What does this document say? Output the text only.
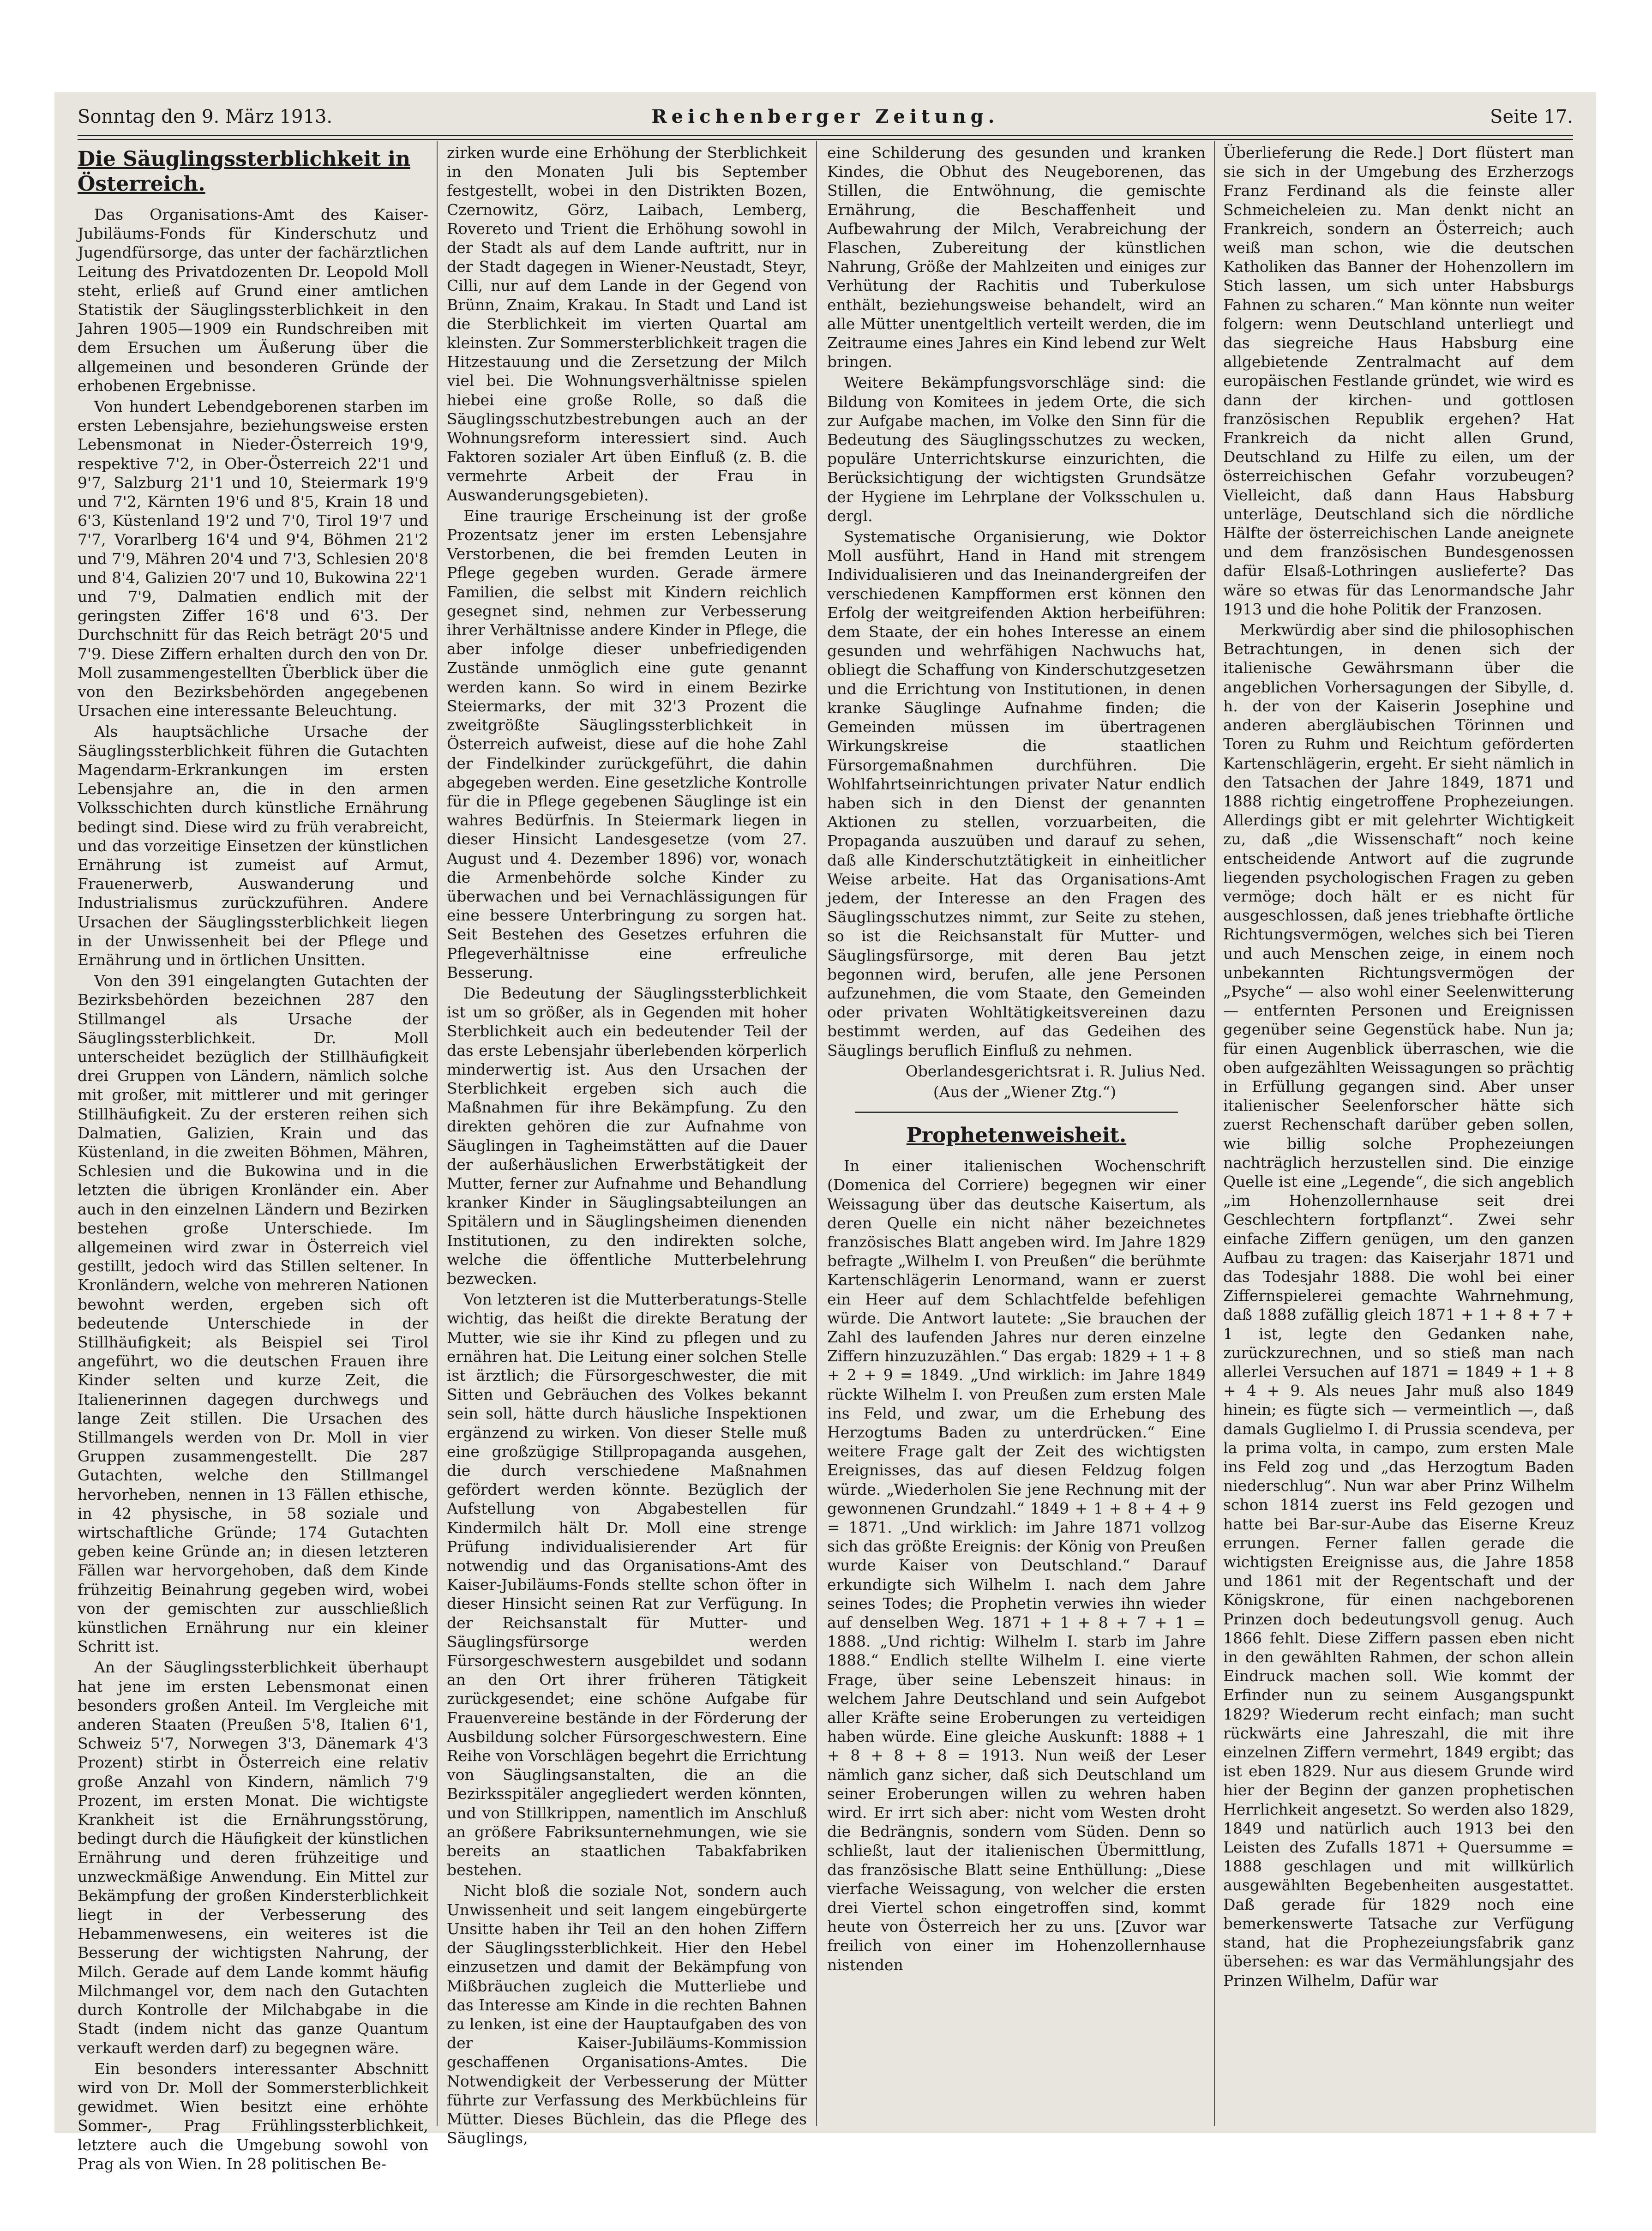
Sonntag den 9. März 1913.	Reichenberger Zeitung.	Seite 17.
Die Säuglingssterblichkeit in Österreich.

Das Organisations-Amt des Kaiser-Jubiläums-Fonds für Kinderschutz und Jugendfürsorge, das unter der fachärztlichen Leitung des Privatdozenten Dr. Leopold Moll steht, erließ auf Grund einer amtlichen Statistik der Säuglingssterblichkeit in den Jahren 1905—1909 ein Rundschreiben mit dem Ersuchen um Äußerung über die allgemeinen und besonderen Gründe der erhobenen Ergebnisse.

Von hundert Lebendgeborenen starben im ersten Lebensjahre, beziehungsweise ersten Lebensmonat in Nieder-Österreich 19'9, respektive 7'2, in Ober-Österreich 22'1 und 9'7, Salzburg 21'1 und 10, Steiermark 19'9 und 7'2, Kärnten 19'6 und 8'5, Krain 18 und 6'3, Küstenland 19'2 und 7'0, Tirol 19'7 und 7'7, Vorarlberg 16'4 und 9'4, Böhmen 21'2 und 7'9, Mähren 20'4 und 7'3, Schlesien 20'8 und 8'4, Galizien 20'7 und 10, Bukowina 22'1 und 7'9, Dalmatien endlich mit der geringsten Ziffer 16'8 und 6'3. Der Durchschnitt für das Reich beträgt 20'5 und 7'9. Diese Ziffern erhalten durch den von Dr. Moll zusammengestellten Überblick über die von den Bezirksbehörden angegebenen Ursachen eine interessante Beleuchtung.

Als hauptsächliche Ursache der Säuglingssterblichkeit führen die Gutachten Magendarm-Erkrankungen im ersten Lebensjahre an, die in den armen Volksschichten durch künstliche Ernährung bedingt sind. Diese wird zu früh verabreicht, und das vorzeitige Einsetzen der künstlichen Ernährung ist zumeist auf Armut, Frauenerwerb, Auswanderung und Industrialismus zurückzuführen. Andere Ursachen der Säuglingssterblichkeit liegen in der Unwissenheit bei der Pflege und Ernährung und in örtlichen Unsitten.

Von den 391 eingelangten Gutachten der Bezirksbehörden bezeichnen 287 den Stillmangel als Ursache der Säuglingssterblichkeit. Dr. Moll unterscheidet bezüglich der Stillhäufigkeit drei Gruppen von Ländern, nämlich solche mit großer, mit mittlerer und mit geringer Stillhäufigkeit. Zu der ersteren reihen sich Dalmatien, Galizien, Krain und das Küstenland, in die zweiten Böhmen, Mähren, Schlesien und die Bukowina und in die letzten die übrigen Kronländer ein. Aber auch in den einzelnen Ländern und Bezirken bestehen große Unterschiede. Im allgemeinen wird zwar in Österreich viel gestillt, jedoch wird das Stillen seltener. In Kronländern, welche von mehreren Nationen bewohnt werden, ergeben sich oft bedeutende Unterschiede in der Stillhäufigkeit; als Beispiel sei Tirol angeführt, wo die deutschen Frauen ihre Kinder selten und kurze Zeit, die Italienerinnen dagegen durchwegs und lange Zeit stillen. Die Ursachen des Stillmangels werden von Dr. Moll in vier Gruppen zusammengestellt. Die 287 Gutachten, welche den Stillmangel hervorheben, nennen in 13 Fällen ethische, in 42 physische, in 58 soziale und wirtschaftliche Gründe; 174 Gutachten geben keine Gründe an; in diesen letzteren Fällen war hervorgehoben, daß dem Kinde frühzeitig Beinahrung gegeben wird, wobei von der gemischten zur ausschließlich künstlichen Ernährung nur ein kleiner Schritt ist.

An der Säuglingssterblichkeit überhaupt hat jene im ersten Lebensmonat einen besonders großen Anteil. Im Vergleiche mit anderen Staaten (Preußen 5'8, Italien 6'1, Schweiz 5'7, Norwegen 3'3, Dänemark 4'3 Prozent) stirbt in Österreich eine relativ große Anzahl von Kindern, nämlich 7'9 Prozent, im ersten Monat. Die wichtigste Krankheit ist die Ernährungsstörung, bedingt durch die Häufigkeit der künstlichen Ernährung und deren frühzeitige und unzweckmäßige Anwendung. Ein Mittel zur Bekämpfung der großen Kindersterblichkeit liegt in der Verbesserung des Hebammenwesens, ein weiteres ist die Besserung der wichtigsten Nahrung, der Milch. Gerade auf dem Lande kommt häufig Milchmangel vor, dem nach den Gutachten durch Kontrolle der Milchabgabe in die Stadt (indem nicht das ganze Quantum verkauft werden darf) zu begegnen wäre.

Ein besonders interessanter Abschnitt wird von Dr. Moll der Sommersterblichkeit gewidmet. Wien besitzt eine erhöhte Sommer-, Prag Frühlingssterblichkeit, letztere auch die Umgebung sowohl von Prag als von Wien. In 28 politischen Be-

zirken wurde eine Erhöhung der Sterblichkeit in den Monaten Juli bis September festgestellt, wobei in den Distrikten Bozen, Czernowitz, Görz, Laibach, Lemberg, Rovereto und Trient die Erhöhung sowohl in der Stadt als auf dem Lande auftritt, nur in der Stadt dagegen in Wiener-Neustadt, Steyr, Cilli, nur auf dem Lande in der Gegend von Brünn, Znaim, Krakau. In Stadt und Land ist die Sterblichkeit im vierten Quartal am kleinsten. Zur Sommersterblichkeit tragen die Hitzestauung und die Zersetzung der Milch viel bei. Die Wohnungsverhältnisse spielen hiebei eine große Rolle, so daß die Säuglingsschutzbestrebungen auch an der Wohnungsreform interessiert sind. Auch Faktoren sozialer Art üben Einfluß (z. B. die vermehrte Arbeit der Frau in Auswanderungsgebieten).

Eine traurige Erscheinung ist der große Prozentsatz jener im ersten Lebensjahre Verstorbenen, die bei fremden Leuten in Pflege gegeben wurden. Gerade ärmere Familien, die selbst mit Kindern reichlich gesegnet sind, nehmen zur Verbesserung ihrer Verhältnisse andere Kinder in Pflege, die aber infolge dieser unbefriedigenden Zustände unmöglich eine gute genannt werden kann. So wird in einem Bezirke Steiermarks, der mit 32'3 Prozent die zweitgrößte Säuglingssterblichkeit in Österreich aufweist, diese auf die hohe Zahl der Findelkinder zurückgeführt, die dahin abgegeben werden. Eine gesetzliche Kontrolle für die in Pflege gegebenen Säuglinge ist ein wahres Bedürfnis. In Steiermark liegen in dieser Hinsicht Landesgesetze (vom 27. August und 4. Dezember 1896) vor, wonach die Armenbehörde solche Kinder zu überwachen und bei Vernachlässigungen für eine bessere Unterbringung zu sorgen hat. Seit Bestehen des Gesetzes erfuhren die Pflegeverhältnisse eine erfreuliche Besserung.

Die Bedeutung der Säuglingssterblichkeit ist um so größer, als in Gegenden mit hoher Sterblichkeit auch ein bedeutender Teil der das erste Lebensjahr überlebenden körperlich minderwertig ist. Aus den Ursachen der Sterblichkeit ergeben sich auch die Maßnahmen für ihre Bekämpfung. Zu den direkten gehören die zur Aufnahme von Säuglingen in Tagheimstätten auf die Dauer der außerhäuslichen Erwerbstätigkeit der Mutter, ferner zur Aufnahme und Behandlung kranker Kinder in Säuglingsabteilungen an Spitälern und in Säuglingsheimen dienenden Institutionen, zu den indirekten solche, welche die öffentliche Mutterbelehrung bezwecken.

Von letzteren ist die Mutterberatungs-Stelle wichtig, das heißt die direkte Beratung der Mutter, wie sie ihr Kind zu pflegen und zu ernähren hat. Die Leitung einer solchen Stelle ist ärztlich; die Fürsorgeschwester, die mit Sitten und Gebräuchen des Volkes bekannt sein soll, hätte durch häusliche Inspektionen ergänzend zu wirken. Von dieser Stelle muß eine großzügige Stillpropaganda ausgehen, die durch verschiedene Maßnahmen gefördert werden könnte. Bezüglich der Aufstellung von Abgabestellen für Kindermilch hält Dr. Moll eine strenge Prüfung individualisierender Art für notwendig und das Organisations-Amt des Kaiser-Jubiläums-Fonds stellte schon öfter in dieser Hinsicht seinen Rat zur Verfügung. In der Reichsanstalt für Mutter- und Säuglingsfürsorge werden Fürsorgeschwestern ausgebildet und sodann an den Ort ihrer früheren Tätigkeit zurückgesendet; eine schöne Aufgabe für Frauenvereine bestände in der Förderung der Ausbildung solcher Fürsorgeschwestern. Eine Reihe von Vorschlägen begehrt die Errichtung von Säuglingsanstalten, die an die Bezirksspitäler angegliedert werden könnten, und von Stillkrippen, namentlich im Anschluß an größere Fabriksunternehmungen, wie sie bereits an staatlichen Tabakfabriken bestehen.

Nicht bloß die soziale Not, sondern auch Unwissenheit und seit langem eingebürgerte Unsitte haben ihr Teil an den hohen Ziffern der Säuglingssterblichkeit. Hier den Hebel einzusetzen und damit der Bekämpfung von Mißbräuchen zugleich die Mutterliebe und das Interesse am Kinde in die rechten Bahnen zu lenken, ist eine der Hauptaufgaben des von der Kaiser-Jubiläums-Kommission geschaffenen Organisations-Amtes. Die Notwendigkeit der Verbesserung der Mütter führte zur Verfassung des Merkbüchleins für Mütter. Dieses Büchlein, das die Pflege des Säuglings,

eine Schilderung des gesunden und kranken Kindes, die Obhut des Neugeborenen, das Stillen, die Entwöhnung, die gemischte Ernährung, die Beschaffenheit und Aufbewahrung der Milch, Verabreichung der Flaschen, Zubereitung der künstlichen Nahrung, Größe der Mahlzeiten und einiges zur Verhütung der Rachitis und Tuberkulose enthält, beziehungsweise behandelt, wird an alle Mütter unentgeltlich verteilt werden, die im Zeitraume eines Jahres ein Kind lebend zur Welt bringen.

Weitere Bekämpfungsvorschläge sind: die Bildung von Komitees in jedem Orte, die sich zur Aufgabe machen, im Volke den Sinn für die Bedeutung des Säuglingsschutzes zu wecken, populäre Unterrichtskurse einzurichten, die Berücksichtigung der wichtigsten Grundsätze der Hygiene im Lehrplane der Volksschulen u. dergl.

Systematische Organisierung, wie Doktor Moll ausführt, Hand in Hand mit strengem Individualisieren und das Ineinandergreifen der verschiedenen Kampfformen erst können den Erfolg der weitgreifenden Aktion herbeiführen: dem Staate, der ein hohes Interesse an einem gesunden und wehrfähigen Nachwuchs hat, obliegt die Schaffung von Kinderschutzgesetzen und die Errichtung von Institutionen, in denen kranke Säuglinge Aufnahme finden; die Gemeinden müssen im übertragenen Wirkungskreise die staatlichen Fürsorgemaßnahmen durchführen. Die Wohlfahrtseinrichtungen privater Natur endlich haben sich in den Dienst der genannten Aktionen zu stellen, vorzuarbeiten, die Propaganda auszuüben und darauf zu sehen, daß alle Kinderschutztätigkeit in einheitlicher Weise arbeite. Hat das Organisations-Amt jedem, der Interesse an den Fragen des Säuglingsschutzes nimmt, zur Seite zu stehen, so ist die Reichsanstalt für Mutter- und Säuglingsfürsorge, mit deren Bau jetzt begonnen wird, berufen, alle jene Personen aufzunehmen, die vom Staate, den Gemeinden oder privaten Wohltätigkeitsvereinen dazu bestimmt werden, auf das Gedeihen des Säuglings beruflich Einfluß zu nehmen.

Oberlandesgerichtsrat i. R. Julius Ned.

(Aus der „Wiener Ztg.“)

Prophetenweisheit.

In einer italienischen Wochenschrift (Domenica del Corriere) begegnen wir einer Weissagung über das deutsche Kaisertum, als deren Quelle ein nicht näher bezeichnetes französisches Blatt angeben wird. Im Jahre 1829 befragte „Wilhelm I. von Preußen“ die berühmte Kartenschlägerin Lenormand, wann er zuerst ein Heer auf dem Schlachtfelde befehligen würde. Die Antwort lautete: „Sie brauchen der Zahl des laufenden Jahres nur deren einzelne Ziffern hinzuzuzählen.“ Das ergab: 1829 + 1 + 8 + 2 + 9 = 1849. „Und wirklich: im Jahre 1849 rückte Wilhelm I. von Preußen zum ersten Male ins Feld, und zwar, um die Erhebung des Herzogtums Baden zu unterdrücken.“ Eine weitere Frage galt der Zeit des wichtigsten Ereignisses, das auf diesen Feldzug folgen würde. „Wiederholen Sie jene Rechnung mit der gewonnenen Grundzahl.“ 1849 + 1 + 8 + 4 + 9 = 1871. „Und wirklich: im Jahre 1871 vollzog sich das größte Ereignis: der König von Preußen wurde Kaiser von Deutschland.“ Darauf erkundigte sich Wilhelm I. nach dem Jahre seines Todes; die Prophetin verwies ihn wieder auf denselben Weg. 1871 + 1 + 8 + 7 + 1 = 1888. „Und richtig: Wilhelm I. starb im Jahre 1888.“ Endlich stellte Wilhelm I. eine vierte Frage, über seine Lebenszeit hinaus: in welchem Jahre Deutschland und sein Aufgebot aller Kräfte seine Eroberungen zu verteidigen haben würde. Eine gleiche Auskunft: 1888 + 1 + 8 + 8 + 8 = 1913. Nun weiß der Leser nämlich ganz sicher, daß sich Deutschland um seiner Eroberungen willen zu wehren haben wird. Er irrt sich aber: nicht vom Westen droht die Bedrängnis, sondern vom Süden. Denn so schließt, laut der italienischen Übermittlung, das französische Blatt seine Enthüllung: „Diese vierfache Weissagung, von welcher die ersten drei Viertel schon eingetroffen sind, kommt heute von Österreich her zu uns. [Zuvor war freilich von einer im Hohenzollernhause nistenden

Überlieferung die Rede.] Dort flüstert man sie sich in der Umgebung des Erzherzogs Franz Ferdinand als die feinste aller Schmeicheleien zu. Man denkt nicht an Frankreich, sondern an Österreich; auch weiß man schon, wie die deutschen Katholiken das Banner der Hohenzollern im Stich lassen, um sich unter Habsburgs Fahnen zu scharen.“ Man könnte nun weiter folgern: wenn Deutschland unterliegt und das siegreiche Haus Habsburg eine allgebietende Zentralmacht auf dem europäischen Festlande gründet, wie wird es dann der kirchen- und gottlosen französischen Republik ergehen? Hat Frankreich da nicht allen Grund, Deutschland zu Hilfe zu eilen, um der österreichischen Gefahr vorzubeugen? Vielleicht, daß dann Haus Habsburg unterläge, Deutschland sich die nördliche Hälfte der österreichischen Lande aneignete und dem französischen Bundesgenossen dafür Elsaß-Lothringen auslieferte? Das wäre so etwas für das Lenormandsche Jahr 1913 und die hohe Politik der Franzosen.

Merkwürdig aber sind die philosophischen Betrachtungen, in denen sich der italienische Gewährsmann über die angeblichen Vorhersagungen der Sibylle, d. h. der von der Kaiserin Josephine und anderen abergläubischen Törinnen und Toren zu Ruhm und Reichtum geförderten Kartenschlägerin, ergeht. Er sieht nämlich in den Tatsachen der Jahre 1849, 1871 und 1888 richtig eingetroffene Prophezeiungen. Allerdings gibt er mit gelehrter Wichtigkeit zu, daß „die Wissenschaft“ noch keine entscheidende Antwort auf die zugrunde liegenden psychologischen Fragen zu geben vermöge; doch hält er es nicht für ausgeschlossen, daß jenes triebhafte örtliche Richtungsvermögen, welches sich bei Tieren und auch Menschen zeige, in einem noch unbekannten Richtungsvermögen der „Psyche“ — also wohl einer Seelenwitterung — entfernten Personen und Ereignissen gegenüber seine Gegenstück habe. Nun ja; für einen Augenblick überraschen, wie die oben aufgezählten Weissagungen so prächtig in Erfüllung gegangen sind. Aber unser italienischer Seelenforscher hätte sich zuerst Rechenschaft darüber geben sollen, wie billig solche Prophezeiungen nachträglich herzustellen sind. Die einzige Quelle ist eine „Legende“, die sich angeblich „im Hohenzollernhause seit drei Geschlechtern fortpflanzt“. Zwei sehr einfache Ziffern genügen, um den ganzen Aufbau zu tragen: das Kaiserjahr 1871 und das Todesjahr 1888. Die wohl bei einer Ziffernspielerei gemachte Wahrnehmung, daß 1888 zufällig gleich 1871 + 1 + 8 + 7 + 1 ist, legte den Gedanken nahe, zurückzurechnen, und so stieß man nach allerlei Versuchen auf 1871 = 1849 + 1 + 8 + 4 + 9. Als neues Jahr muß also 1849 hinein; es fügte sich — vermeintlich —, daß damals Guglielmo I. di Prussia scendeva, per la prima volta, in campo, zum ersten Male ins Feld zog und „das Herzogtum Baden niederschlug“. Nun war aber Prinz Wilhelm schon 1814 zuerst ins Feld gezogen und hatte bei Bar-sur-Aube das Eiserne Kreuz errungen. Ferner fallen gerade die wichtigsten Ereignisse aus, die Jahre 1858 und 1861 mit der Regentschaft und der Königskrone, für einen nachgeborenen Prinzen doch bedeutungsvoll genug. Auch 1866 fehlt. Diese Ziffern passen eben nicht in den gewählten Rahmen, der schon allein Eindruck machen soll. Wie kommt der Erfinder nun zu seinem Ausgangspunkt 1829? Wiederum recht einfach; man sucht rückwärts eine Jahreszahl, die mit ihre einzelnen Ziffern vermehrt, 1849 ergibt; das ist eben 1829. Nur aus diesem Grunde wird hier der Beginn der ganzen prophetischen Herrlichkeit angesetzt. So werden also 1829, 1849 und natürlich auch 1913 bei den Leisten des Zufalls 1871 + Quersumme = 1888 geschlagen und mit willkürlich ausgewählten Begebenheiten ausgestattet. Daß gerade für 1829 noch eine bemerkenswerte Tatsache zur Verfügung stand, hat die Prophezeiungsfabrik ganz übersehen: es war das Vermählungsjahr des Prinzen Wilhelm, Dafür war
